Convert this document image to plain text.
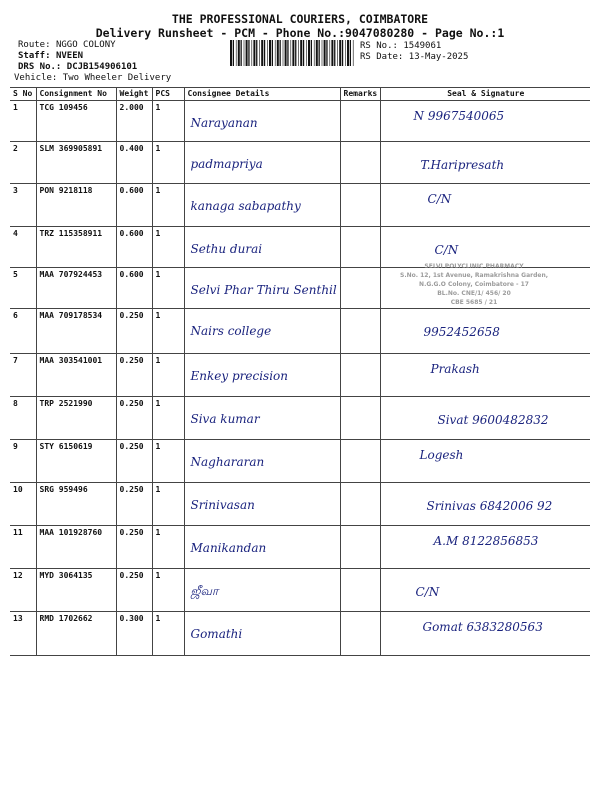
THE PROFESSIONAL COURIERS, COIMBATORE
Delivery Runsheet - PCM - Phone No.:9047080280 - Page No.:1
Route: NGGO COLONY
Staff: NVEEN
DRS No.: DCJB154906101
RS No.: 1549061
RS Date: 13-May-2025
Vehicle: Two Wheeler Delivery
S No	Consignment No	Weight	PCS	Consignee Details	Remarks	Seal & Signature
1	TCG 109456	2.000	1	Narayanan		N 9967540065

2	SLM 369905891	0.400	1	padmapriya		T.Haripresath

3	PON 9218118	0.600	1	kanaga sabapathy		C/N

4	TRZ 115358911	0.600	1	Sethu durai		C/N

5	MAA 707924453	0.600	1	Selvi Phar Thiru Senthil		SELVI POLYCLINIC PHARMACY
S.No. 12, 1st Avenue, Ramakrishna Garden,
N.G.G.O Colony, Coimbatore - 17
BL.No. CNE/1/ 456/ 20
CBE 5685 / 21

6	MAA 709178534	0.250	1	Nairs college		9952452658

7	MAA 303541001	0.250	1	Enkey precision		Prakash

8	TRP 2521990	0.250	1	Siva kumar		Sivat 9600482832

9	STY 6150619	0.250	1	Naghararan		Logesh

10	SRG 959496	0.250	1	Srinivasan		Srinivas 6842006 92

11	MAA 101928760	0.250	1	Manikandan		A.M 8122856853

12	MYD 3064135	0.250	1	ஜீவா		C/N

13	RMD 1702662	0.300	1	Gomathi		Gomat 6383280563
